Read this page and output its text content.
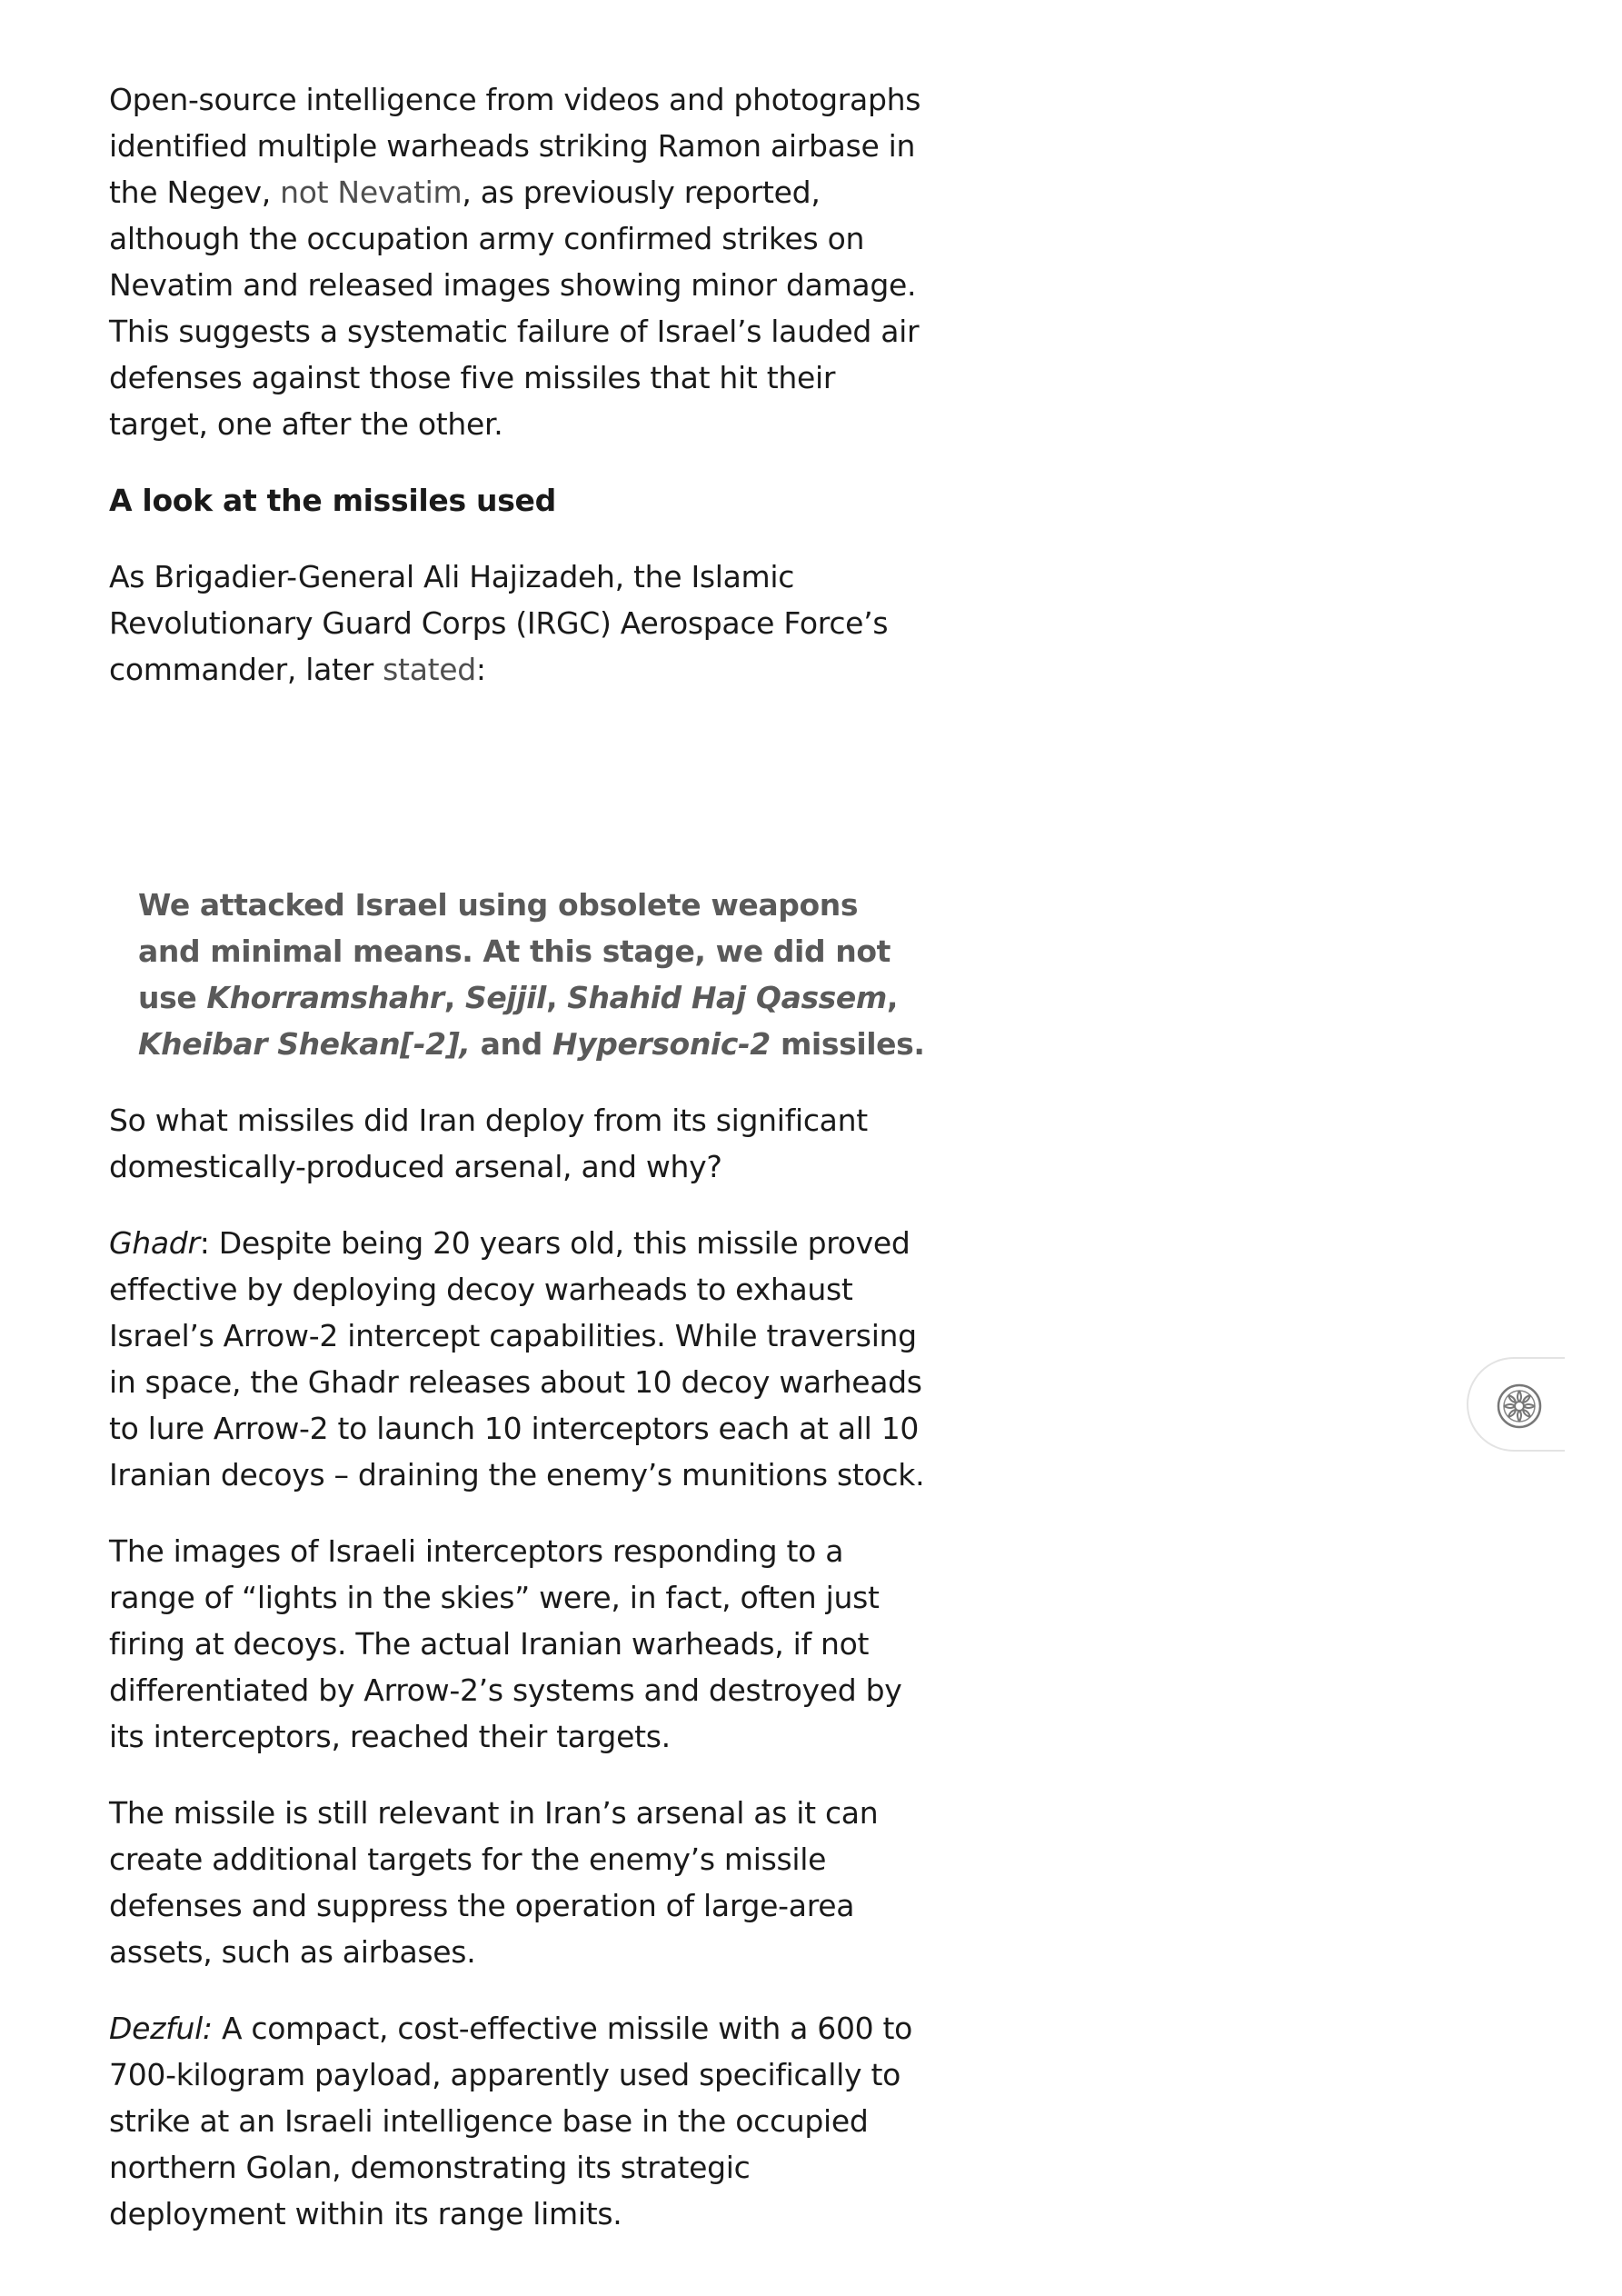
Open-source intelligence from videos and photographs identified multiple warheads striking Ramon airbase in the Negev, not Nevatim, as previously reported, although the occupation army confirmed strikes on Nevatim and released images showing minor damage. This suggests a systematic failure of Israel’s lauded air defenses against those five missiles that hit their target, one after the other.

A look at the missiles used

As Brigadier-General Ali Hajizadeh, the Islamic Revolutionary Guard Corps (IRGC) Aerospace Force’s commander, later stated:

We attacked Israel using obsolete weapons and minimal means. At this stage, we did not use Khorramshahr, Sejjil, Shahid Haj Qassem, Kheibar Shekan[-2], and Hypersonic-2 missiles.

So what missiles did Iran deploy from its significant domestically-produced arsenal, and why?

Ghadr: Despite being 20 years old, this missile proved effective by deploying decoy warheads to exhaust Israel’s Arrow-2 intercept capabilities. While traversing in space, the Ghadr releases about 10 decoy warheads to lure Arrow-2 to launch 10 interceptors each at all 10 Iranian decoys – draining the enemy’s munitions stock.

The images of Israeli interceptors responding to a range of “lights in the skies” were, in fact, often just firing at decoys. The actual Iranian warheads, if not differentiated by Arrow-2’s systems and destroyed by its interceptors, reached their targets.

The missile is still relevant in Iran’s arsenal as it can create additional targets for the enemy’s missile defenses and suppress the operation of large-area assets, such as airbases.

Dezful: A compact, cost-effective missile with a 600 to 700-kilogram payload, apparently used specifically to strike at an Israeli intelligence base in the occupied northern Golan, demonstrating its strategic deployment within its range limits.
